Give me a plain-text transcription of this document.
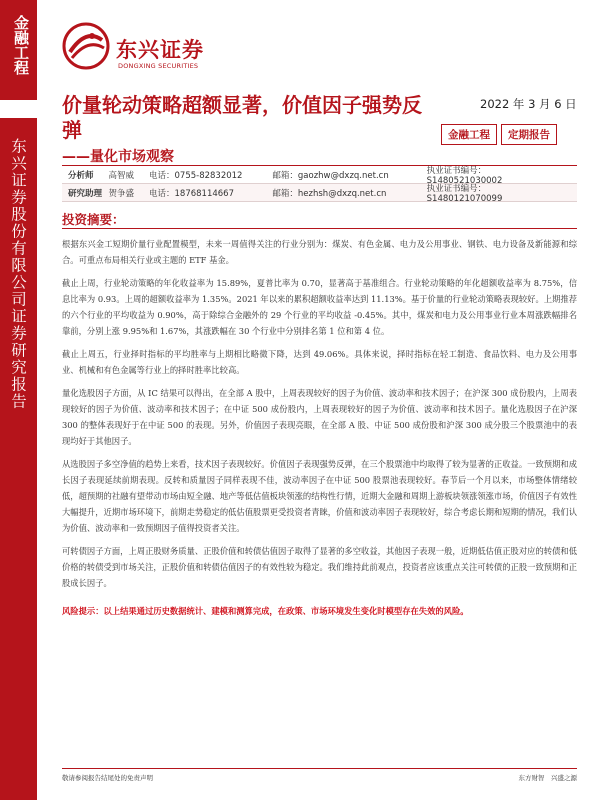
金融工程
东兴证券股份有限公司证券研究报告
东兴证券
DONGXING SECURITIES
价量轮动策略超额显著，价值因子强势反弹
——量化市场观察
2022 年 3 月 6 日
金融工程	定期报告
分析师	高智威	电话：0755-82832012	邮箱：gaozhw@dxzq.net.cn	执业证书编号：S1480521030002
研究助理 贺争盛	电话：18768114667	邮箱：hezhsh@dxzq.net.cn	执业证书编号：S1480121070099
投资摘要：

根据东兴金工短期价量行业配置模型，未来一周值得关注的行业分别为：煤炭、有色金属、电力及公用事业、钢铁、电力设备及新能源和综合。可重点布局相关行业或主题的 ETF 基金。

截止上周，行业轮动策略的年化收益率为 15.89%，夏普比率为 0.70，显著高于基准组合。行业轮动策略的年化超额收益率为 8.75%，信息比率为 0.93。上周的超额收益率为 1.35%。2021 年以来的累积超额收益率达到 11.13%。基于价量的行业轮动策略表现较好。上期推荐的六个行业的平均收益为 0.90%，高于除综合金融外的 29 个行业的平均收益 -0.45%。其中，煤炭和电力及公用事业行业本周涨跌幅排名靠前，分别上涨 9.95%和 1.67%，其涨跌幅在 30 个行业中分别排名第 1 位和第 4 位。

截止上周五，行业择时指标的平均胜率与上期相比略微下降，达到 49.06%。具体来说，择时指标在轻工制造、食品饮料、电力及公用事业、机械和有色金属等行业上的择时胜率比较高。

量化选股因子方面，从 IC 结果可以得出，在全部 A 股中，上周表现较好的因子为价值、波动率和技术因子；在沪深 300 成份股内，上周表现较好的因子为价值、波动率和技术因子；在中证 500 成份股内，上周表现较好的因子为价值、波动率和技术因子。量化选股因子在沪深 300 的整体表现好于在中证 500 的表现。另外，价值因子表现亮眼，在全部 A 股、中证 500 成份股和沪深 300 成分股三个股票池中的表现均好于其他因子。

从选股因子多空净值的趋势上来看，技术因子表现较好。价值因子表现强势反弹，在三个股票池中均取得了较为显著的正收益。一致预期和成长因子表现延续前期表现。反转和质量因子同样表现不佳，波动率因子在中证 500 股票池表现较好。春节后一个月以来，市场整体情绪较低，超预期的社融有望带动市场由短全融、地产等低估值板块领涨的结构性行情，近期大金融和周期上游板块领涨领涨市场，价值因子有效性大幅提升，近期市场环境下，前期走势稳定的低估值股票更受投资者青睐，价值和波动率因子表现较好，综合考虑长期和短期的情况，我们认为价值、波动率和一致预期因子值得投资者关注。

可转债因子方面，上周正股财务质量、正股价值和转债估值因子取得了显著的多空收益，其他因子表现一般，近期低估值正股对应的转债和低价格的转债受到市场关注，正股价值和转债估值因子的有效性较为稳定。我们维持此前观点，投资者应该重点关注可转债的正股一致预期和正股成长因子。

风险提示：以上结果通过历史数据统计、建模和测算完成，在政策、市场环境发生变化时模型存在失效的风险。

敬请参阅报告结尾处的免责声明	东方财智　兴盛之源
